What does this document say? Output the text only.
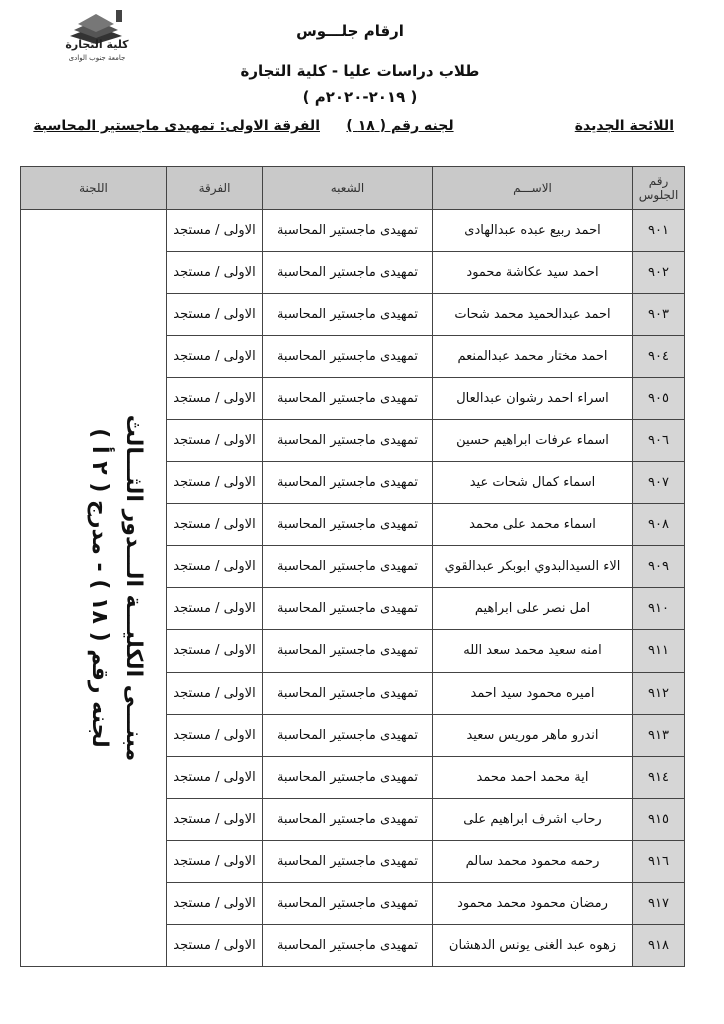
كلية التجارة
جامعة جنوب الوادى
ارقام جلـــوس
طلاب دراسات عليا - كلية التجارة
( ٢٠١٩-٢٠٢٠م )
اللائحة الجديدة
لجنه رقم ( ١٨ )
الفرقة الاولى: تمهيدى ماجستير المحاسبة
رقم الجلوس	الاســـم	الشعبه	الفرقة	اللجنة
٩٠١	احمد ربيع عبده عبدالهادى	تمهيدى ماجستير المحاسبة	الاولى / مستجد	لجنه رقم ( ١٨ ) - مدرج ( ٢ أ ) مبنـــى الكليـــة الـــدور الثـــالث

٩٠٢	احمد سيد عكاشة محمود	تمهيدى ماجستير المحاسبة	الاولى / مستجد	
٩٠٣	احمد عبدالحميد محمد شحات	تمهيدى ماجستير المحاسبة	الاولى / مستجد	
٩٠٤	احمد مختار محمد عبدالمنعم	تمهيدى ماجستير المحاسبة	الاولى / مستجد	
٩٠٥	اسراء احمد رشوان عبدالعال	تمهيدى ماجستير المحاسبة	الاولى / مستجد	
٩٠٦	اسماء عرفات ابراهيم حسين	تمهيدى ماجستير المحاسبة	الاولى / مستجد	
٩٠٧	اسماء كمال شحات عيد	تمهيدى ماجستير المحاسبة	الاولى / مستجد	
٩٠٨	اسماء محمد على محمد	تمهيدى ماجستير المحاسبة	الاولى / مستجد	
٩٠٩	الاء السيدالبدوي ابوبكر عبدالقوي	تمهيدى ماجستير المحاسبة	الاولى / مستجد	
٩١٠	امل نصر على ابراهيم	تمهيدى ماجستير المحاسبة	الاولى / مستجد	
٩١١	امنه سعيد محمد سعد الله	تمهيدى ماجستير المحاسبة	الاولى / مستجد	
٩١٢	اميره محمود سيد احمد	تمهيدى ماجستير المحاسبة	الاولى / مستجد	
٩١٣	اندرو ماهر موريس سعيد	تمهيدى ماجستير المحاسبة	الاولى / مستجد	
٩١٤	اية محمد احمد محمد	تمهيدى ماجستير المحاسبة	الاولى / مستجد	
٩١٥	رحاب اشرف ابراهيم على	تمهيدى ماجستير المحاسبة	الاولى / مستجد	
٩١٦	رحمه محمود محمد سالم	تمهيدى ماجستير المحاسبة	الاولى / مستجد	
٩١٧	رمضان محمود محمد محمود	تمهيدى ماجستير المحاسبة	الاولى / مستجد	
٩١٨	زهوه عبد الغنى يونس الدهشان	تمهيدى ماجستير المحاسبة	الاولى / مستجد	
